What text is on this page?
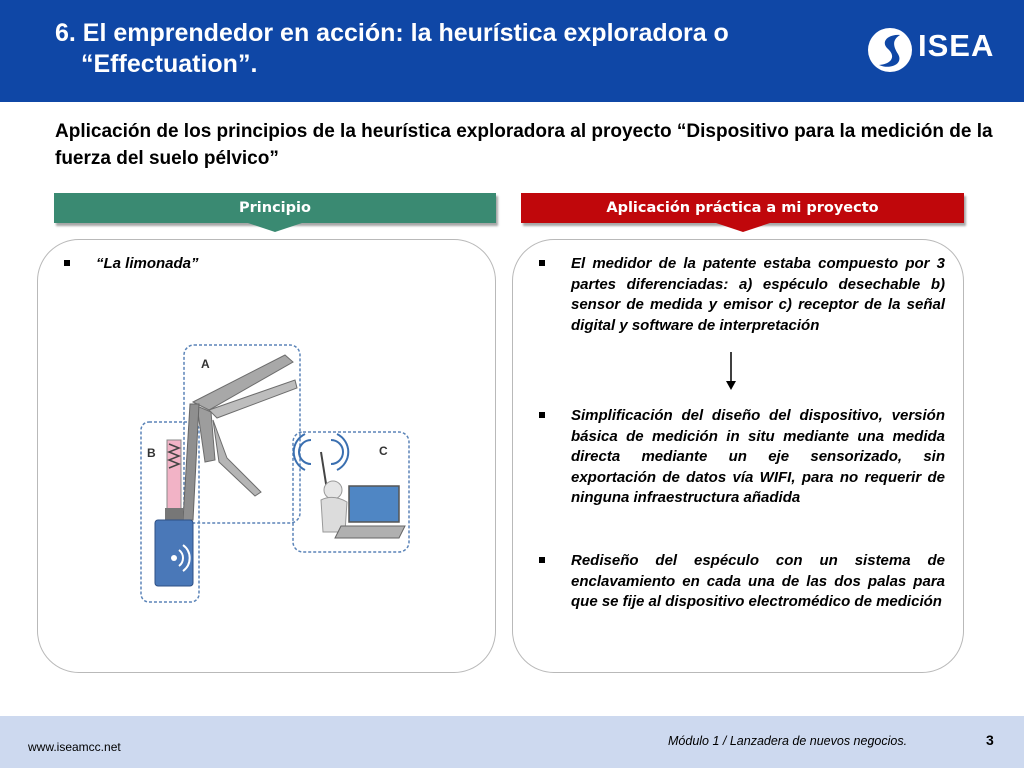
6. El emprendedor en acción: la heurística exploradora o
“Effectuation”.
ISEA
Aplicación de los principios de la heurística exploradora al proyecto “Dispositivo para la medición de la fuerza del suelo pélvico”
Principio	Aplicación práctica a mi proyecto
“La limonada”
A
B	C
El medidor de la patente estaba compuesto por 3 partes diferenciadas: a) espéculo desechable b) sensor de medida y emisor c) receptor de la señal digital y software de interpretación
Simplificación del diseño del dispositivo, versión básica de medición in situ mediante una medida directa mediante un eje sensorizado, sin exportación de datos vía WIFI, para no requerir de ninguna infraestructura añadida
Rediseño del espéculo con un sistema de enclavamiento en cada una de las dos palas para que se fije al dispositivo electromédico de medición
www.iseamcc.net	Módulo 1 / Lanzadera de nuevos negocios.	3
